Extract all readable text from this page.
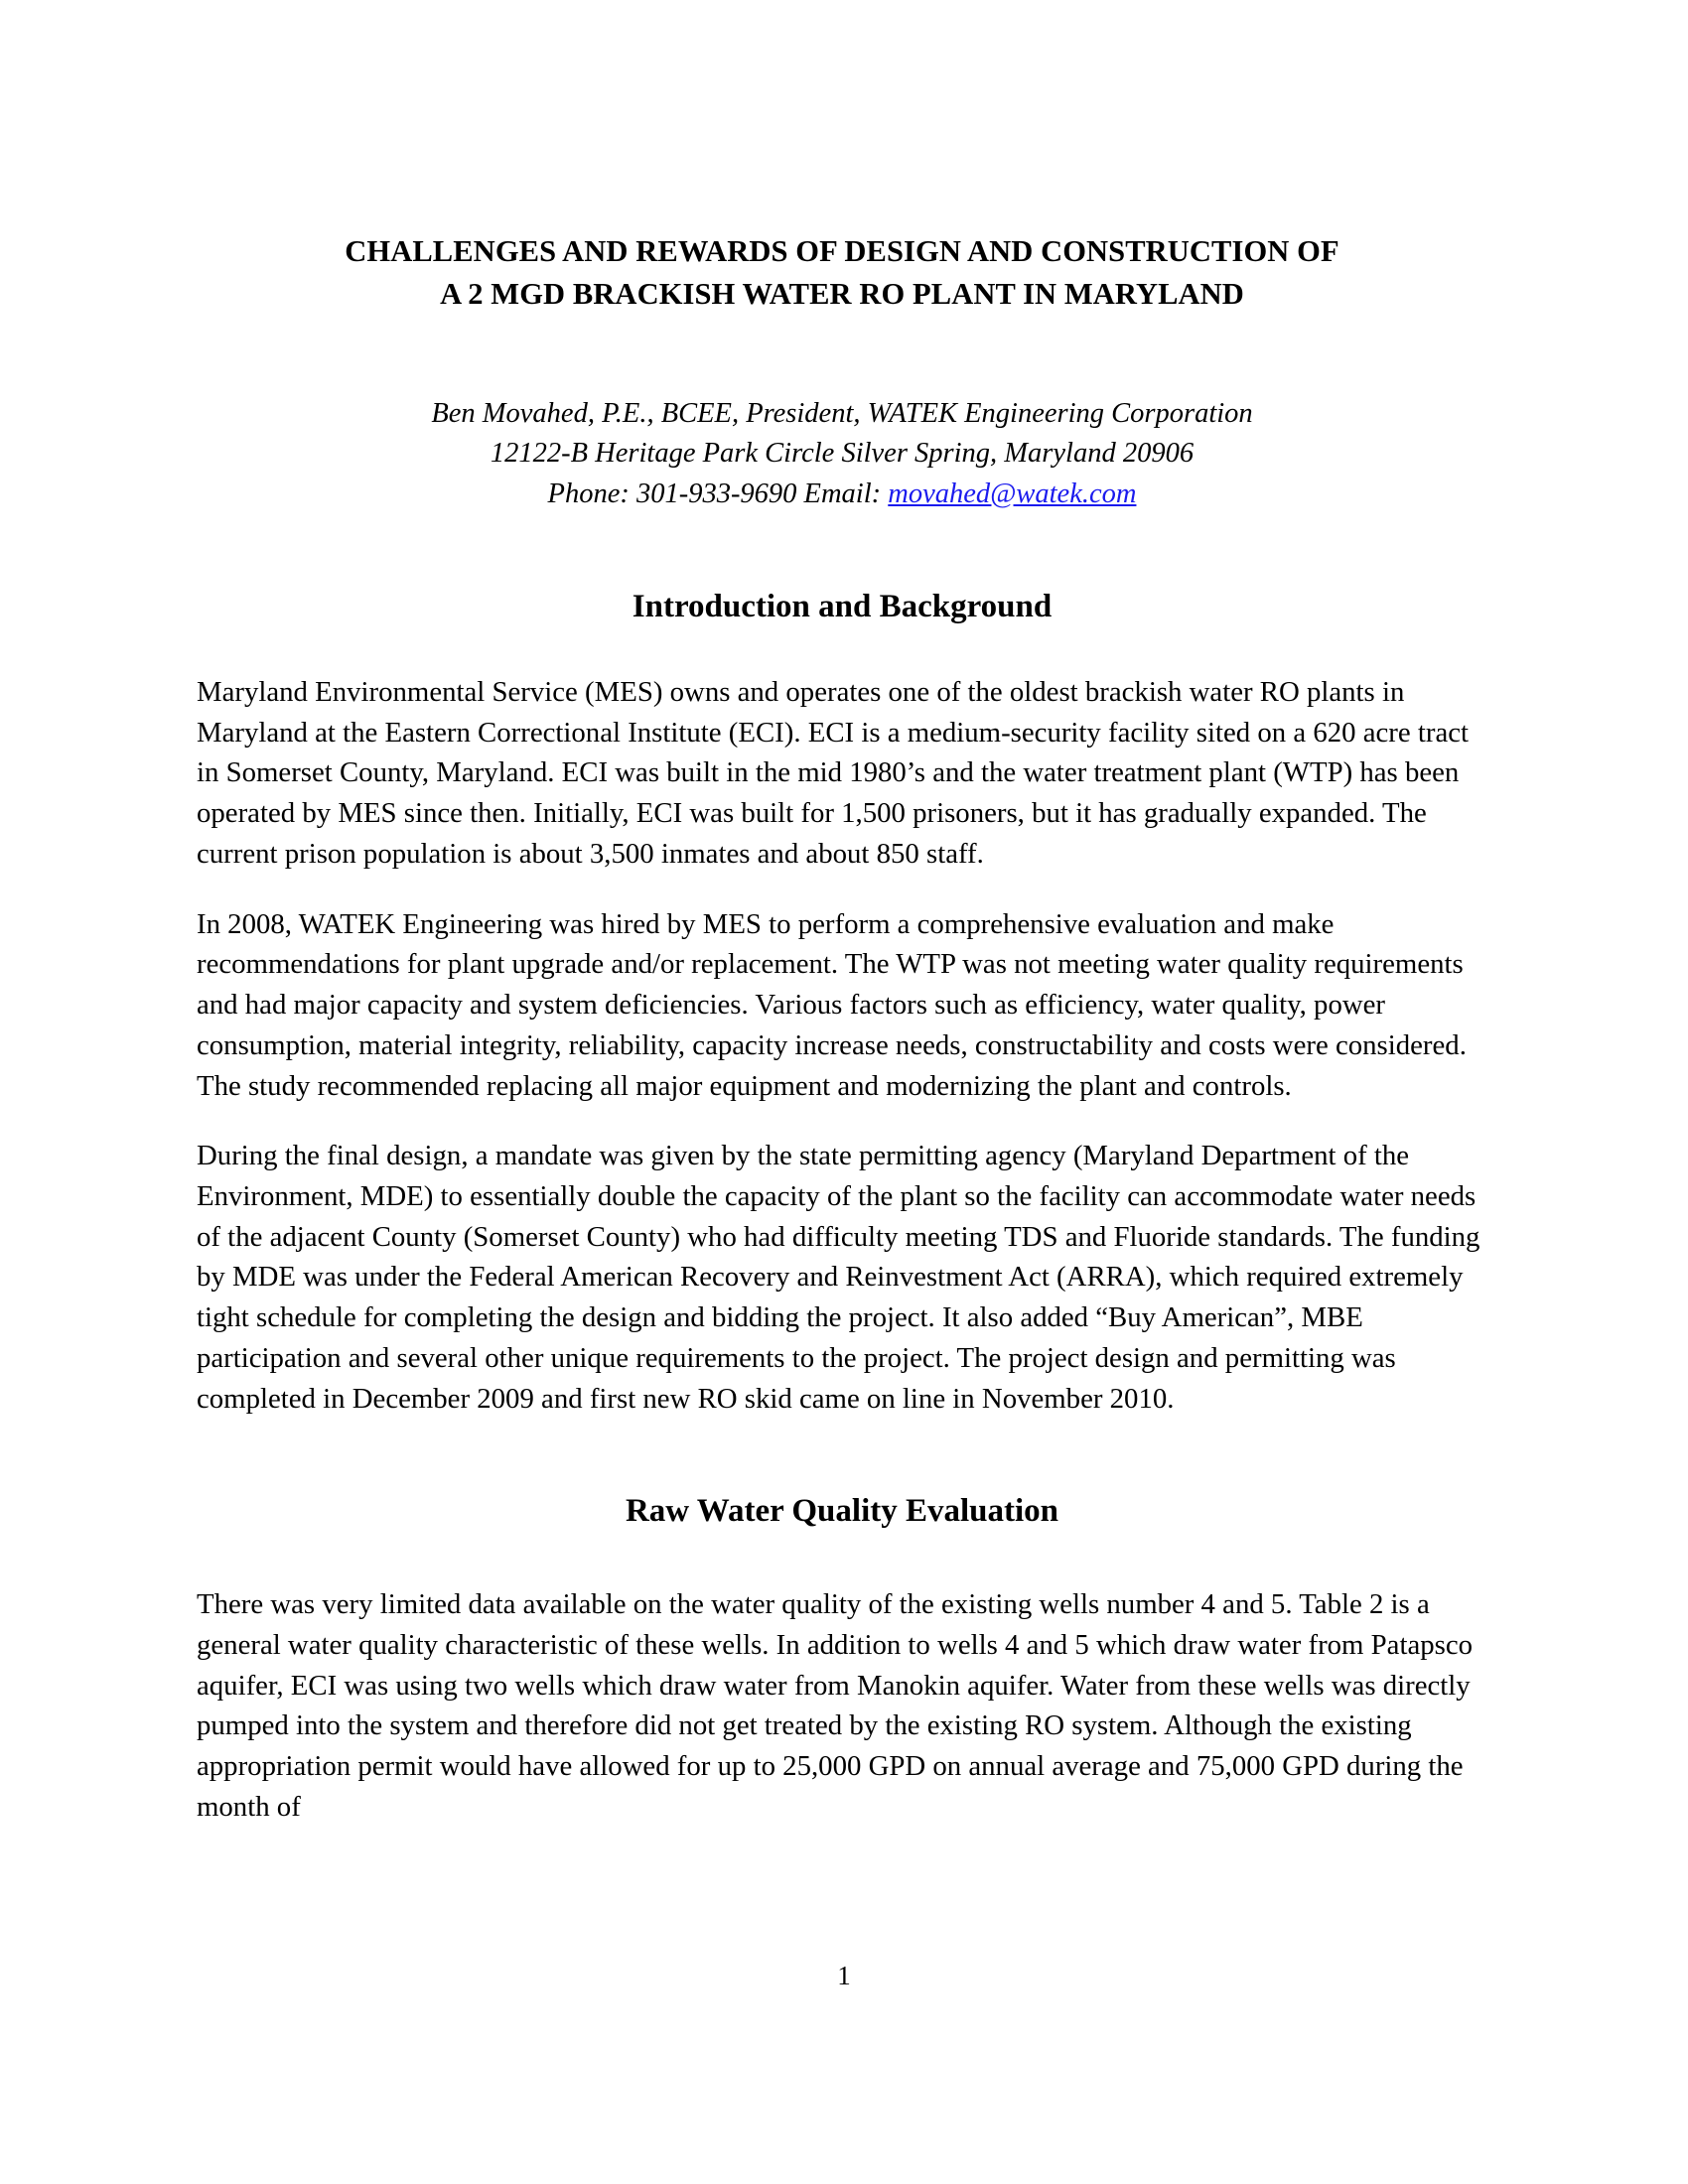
CHALLENGES AND REWARDS OF DESIGN AND CONSTRUCTION OF
A 2 MGD BRACKISH WATER RO PLANT IN MARYLAND
Ben Movahed, P.E., BCEE, President, WATEK Engineering Corporation
12122-B Heritage Park Circle Silver Spring, Maryland 20906
Phone: 301-933-9690 Email: movahed@watek.com
Introduction and Background

Maryland Environmental Service (MES) owns and operates one of the oldest brackish water RO plants in Maryland at the Eastern Correctional Institute (ECI). ECI is a medium-security facility sited on a 620 acre tract in Somerset County, Maryland. ECI was built in the mid 1980’s and the water treatment plant (WTP) has been operated by MES since then. Initially, ECI was built for 1,500 prisoners, but it has gradually expanded. The current prison population is about 3,500 inmates and about 850 staff.

In 2008, WATEK Engineering was hired by MES to perform a comprehensive evaluation and make recommendations for plant upgrade and/or replacement. The WTP was not meeting water quality requirements and had major capacity and system deficiencies. Various factors such as efficiency, water quality, power consumption, material integrity, reliability, capacity increase needs, constructability and costs were considered. The study recommended replacing all major equipment and modernizing the plant and controls.

During the final design, a mandate was given by the state permitting agency (Maryland Department of the Environment, MDE) to essentially double the capacity of the plant so the facility can accommodate water needs of the adjacent County (Somerset County) who had difficulty meeting TDS and Fluoride standards. The funding by MDE was under the Federal American Recovery and Reinvestment Act (ARRA), which required extremely tight schedule for completing the design and bidding the project. It also added “Buy American”, MBE participation and several other unique requirements to the project. The project design and permitting was completed in December 2009 and first new RO skid came on line in November 2010.

Raw Water Quality Evaluation

There was very limited data available on the water quality of the existing wells number 4 and 5. Table 2 is a general water quality characteristic of these wells. In addition to wells 4 and 5 which draw water from Patapsco aquifer, ECI was using two wells which draw water from Manokin aquifer. Water from these wells was directly pumped into the system and therefore did not get treated by the existing RO system. Although the existing appropriation permit would have allowed for up to 25,000 GPD on annual average and 75,000 GPD during the month of

1
